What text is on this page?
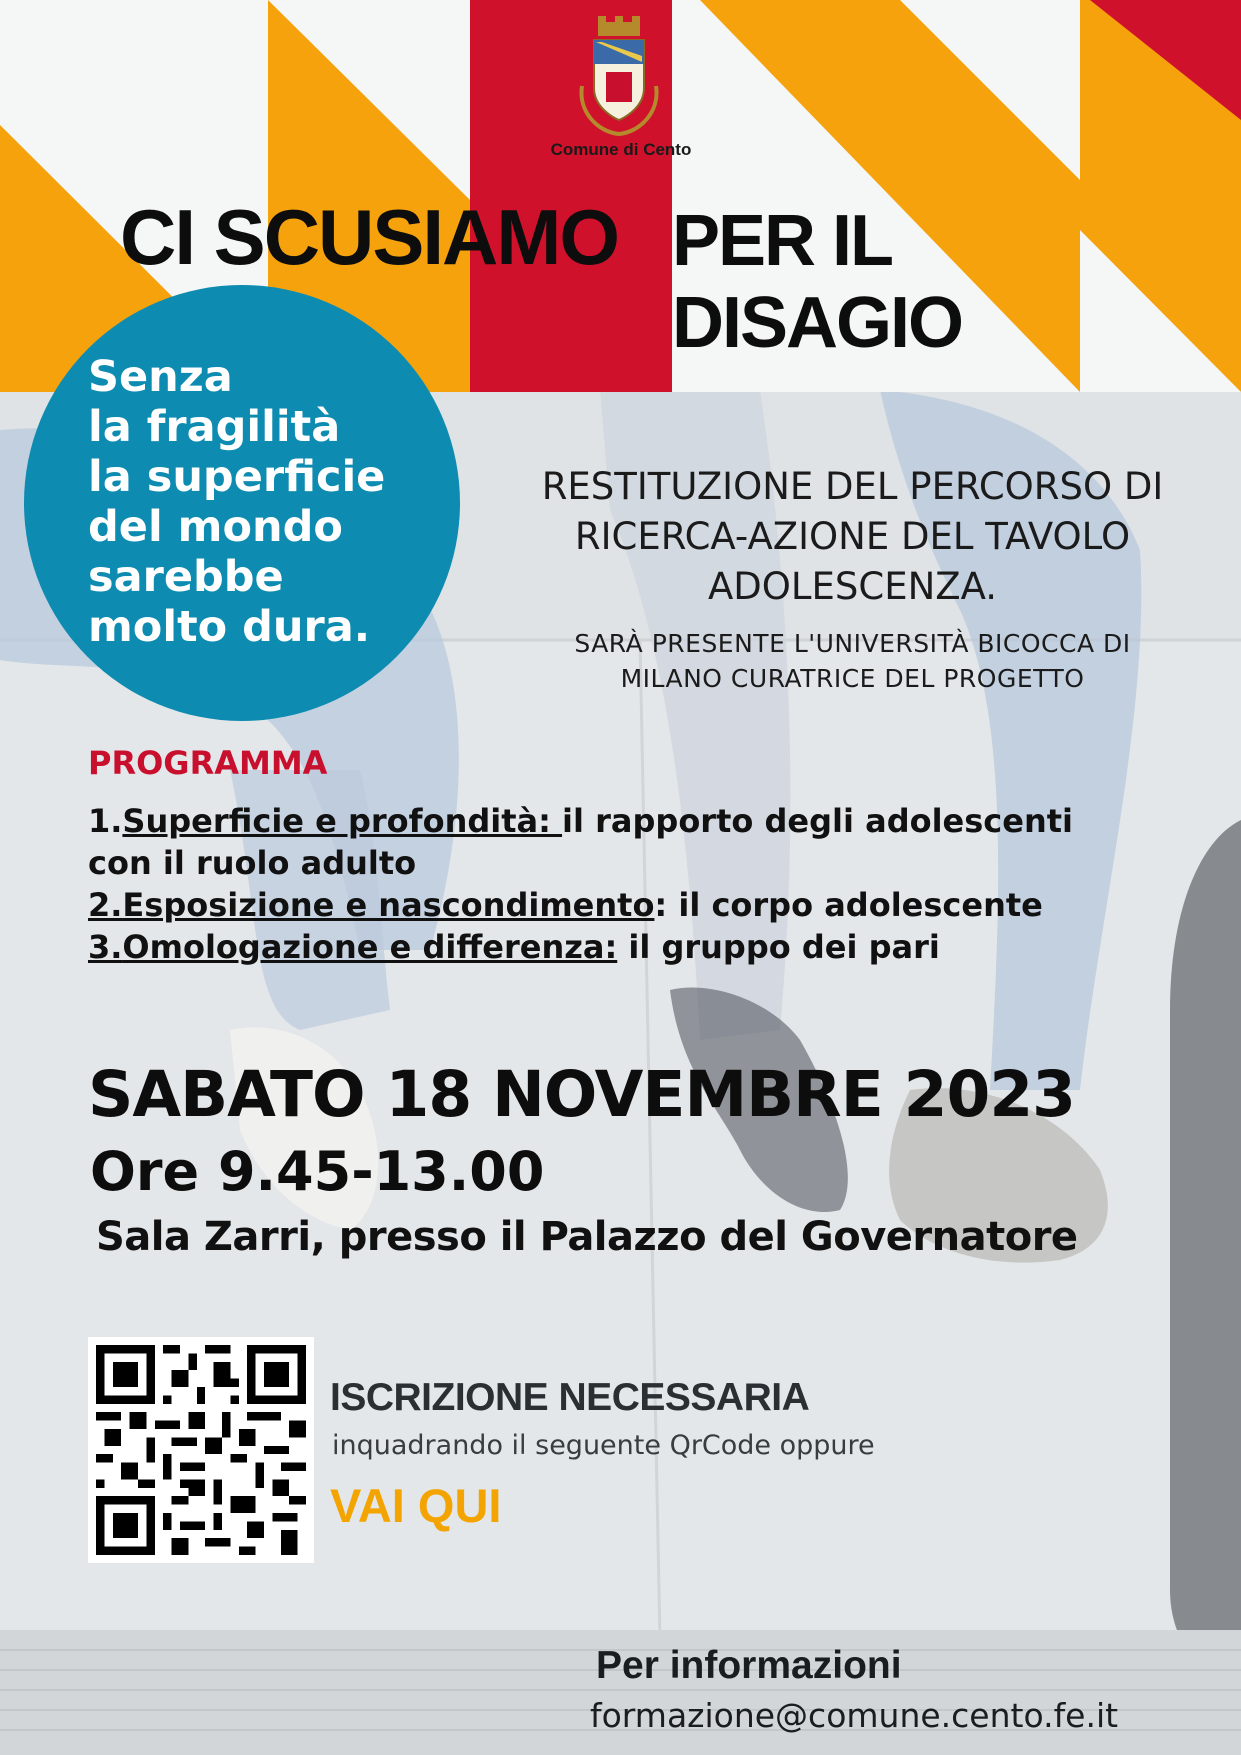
Comune di Cento
CI SCUSIAMO PER IL
DISAGIO

Senza
la fragilità
la superficie
del mondo
sarebbe
molto dura.

RESTITUZIONE DEL PERCORSO DI
RICERCA-AZIONE DEL TAVOLO
ADOLESCENZA.
SARÀ PRESENTE L'UNIVERSITÀ BICOCCA DI
MILANO CURATRICE DEL PROGETTO
PROGRAMMA
1.Superficie e profondità: il rapporto degli adolescenti
con il ruolo adulto
2.Esposizione e nascondimento: il corpo adolescente
3.Omologazione e differenza: il gruppo dei pari
SABATO 18 NOVEMBRE 2023
Ore 9.45-13.00
Sala Zarri, presso il Palazzo del Governatore
ISCRIZIONE NECESSARIA
inquadrando il seguente QrCode oppure
VAI QUI
Per informazioni
formazione@comune.cento.fe.it
